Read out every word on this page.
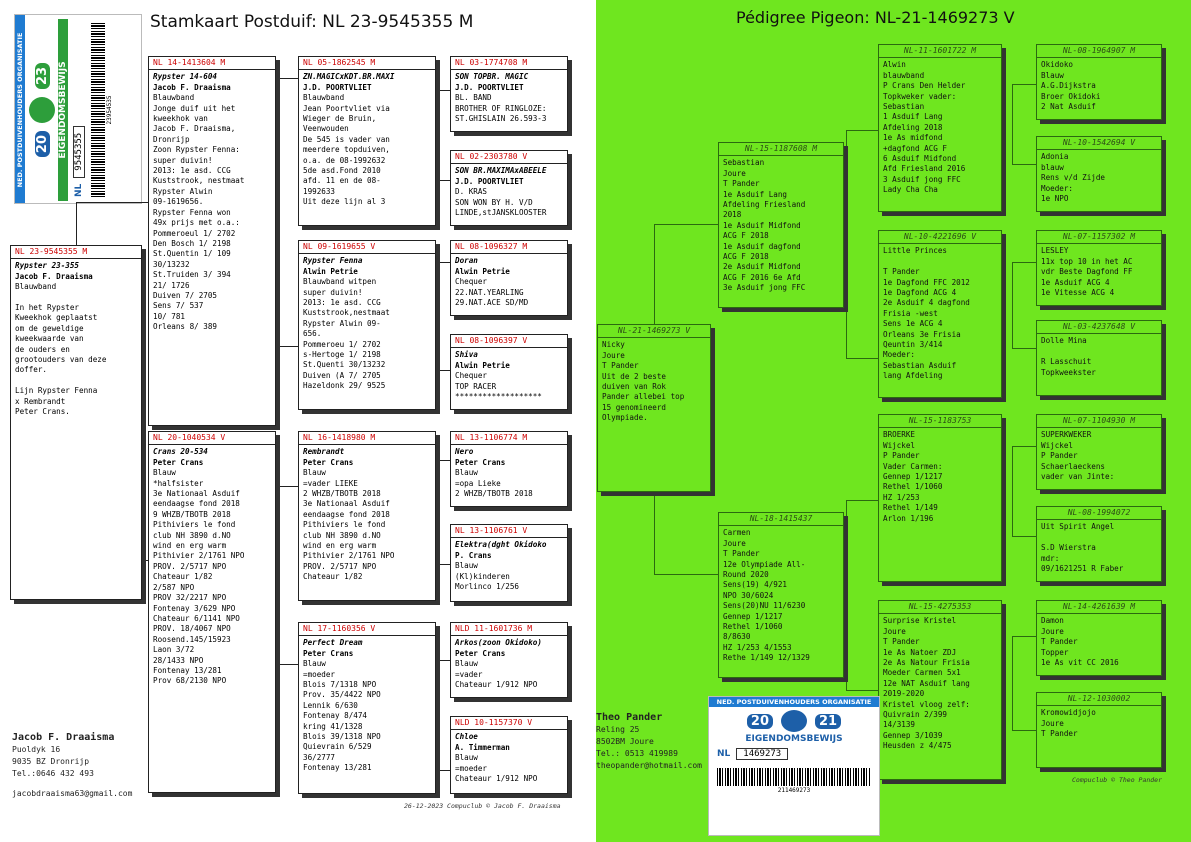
Stamkaart Postduif: NL 23-9545355 M
NED. POSTDUIVENHOUDERS ORGANISATIE 20
23 EIGENDOMSBEWIJS
NL
9545355
23954535
NL 23-9545355 M
Rypster 23-355
Jacob F. Draaisma
Blauwband
In het Rypster
Kweekhok geplaatst
om de geweldige
kweekwaarde van
de ouders en
grootouders van deze
doffer.
Lijn Rypster Fenna
x Rembrandt
Peter Crans.
NL 14-1413604 M
Rypster 14-604
Jacob F. Draaisma
Blauwband
Jonge duif uit het
kweekhok van
Jacob F. Draaisma,
Dronrijp
Zoon Rypster Fenna:
super duivin!
2013: 1e asd. CCG
Kuststrook, nestmaat
Rypster Alwin
09-1619656.
Rypster Fenna won
49x prijs met o.a.:
Pommeroeul 1/ 2702
Den Bosch 1/ 2198
St.Quentin 1/ 109
30/13232
St.Truiden 3/ 394
21/ 1726
Duiven 7/ 2705
Sens 7/ 537
10/ 781
Orleans 8/ 389
NL 20-1040534 V
Crans 20-534
Peter Crans
Blauw
*halfsister
3e Nationaal Asduif
eendaagse fond 2018
9 WHZB/TBOTB 2018
Pithiviers le fond
club NH 3890 d.NO
wind en erg warm
Pithivier 2/1761 NPO
PROV. 2/5717 NPO
Chateaur 1/82
2/587 NPO
PROV 32/2217 NPO
Fontenay 3/629 NPO
Chateaur 6/1141 NPO
PROV. 18/4067 NPO
Roosend.145/15923
Laon 3/72
28/1433 NPO
Fontenay 13/281
Prov 68/2130 NPO
NL 05-1862545 M
ZN.MAGICxKDT.BR.MAXI
J.D. POORTVLIET
Blauwband
Jean Poortvliet via
Wieger de Bruin,
Veenwouden
De 545 is vader van
meerdere topduiven,
o.a. de 08-1992632
5de asd.Fond 2010
afd. 11 en de 08-
1992633
Uit deze lijn al 3
NL 09-1619655 V
Rypster Fenna
Alwin Petrie
Blauwband witpen
super duivin!
2013: 1e asd. CCG
Kuststrook,nestmaat
Rypster Alwin 09-
656.
Pommeroeu 1/ 2702
s-Hertoge 1/ 2198
St.Quenti 30/13232
Duiven (A 7/ 2705
Hazeldonk 29/ 9525
NL 16-1418980 M
Rembrandt
Peter Crans
Blauw
=vader LIEKE
2 WHZB/TBOTB 2018
3e Nationaal Asduif
eendaagse fond 2018
Pithiviers le fond
club NH 3890 d.NO
wind en erg warm
Pithivier 2/1761 NPO
PROV. 2/5717 NPO
Chateaur 1/82
NL 17-1160356 V
Perfect Dream
Peter Crans
Blauw
=moeder
Blois 7/1318 NPO
Prov. 35/4422 NPO
Lennik 6/630
Fontenay 8/474
kring 41/1328
Blois 39/1318 NPO
Quievrain 6/529
36/2777
Fontenay 13/281
NL 03-1774708 M
SON TOPBR. MAGIC
J.D. POORTVLIET
BL. BAND
BROTHER OF RINGLOZE:
ST.GHISLAIN 26.593-3
NL 02-2303780 V
SON BR.MAXIMAxABEELE
J.D. POORTVLIET
D. KRAS
SON WON BY H. V/D
LINDE,stJANSKLOOSTER
NL 08-1096327 M
Doran
Alwin Petrie
Chequer
22.NAT.YEARLING
29.NAT.ACE SD/MD
NL 08-1096397 V
Shiva
Alwin Petrie
Chequer
TOP RACER
*******************
NL 13-1106774 M
Nero
Peter Crans
Blauw
=opa Lieke
2 WHZB/TBOTB 2018
NL 13-1106761 V
Elektra(dght Okidoko
P. Crans
Blauw
(Kl)kinderen
Morlinco 1/256
NLD 11-1601736 M
Arkos(zoon Okidoko)
Peter Crans
Blauw
=vader
Chateaur 1/912 NPO
NLD 10-1157370 V
Chloe
A. Timmerman
Blauw
=moeder
Chateaur 1/912 NPO
Jacob F. Draaisma
Puoldyk 16
9035 BZ Dronrijp
Tel.:0646 432 493
jacobdraaisma63@gmail.com
26-12-2023 Compuclub © Jacob F. Draaisma
Pédigree Pigeon: NL-21-1469273 V
NL-21-1469273 V
Nicky
Joure
T Pander
Uit de 2 beste
duiven van Rok
Pander allebei top
15 genomineerd
Olympiade.
NL-15-1187608 M
Sebastian
Joure
T Pander
1e Asduif Lang
Afdeling Friesland
2018
1e Asduif Midfond
ACG F 2018
1e Asduif dagfond
ACG F 2018
2e Asduif Midfond
ACG F 2016 6e Afd
3e Asduif jong FFC
NL-18-1415437
Carmen
Joure
T Pander
12e Olympiade All-
Round 2020
Sens(19) 4/921
NPO 30/6024
Sens(20)NU 11/6230
Gennep 1/1217
Rethel 1/1060
8/8630
HZ 1/253 4/1553
Rethe 1/149 12/1329
NL-11-1601722 M
Alwin
blauwband
P Crans Den Helder
Topkweker vader:
Sebastian
1 Asduif Lang
Afdeling 2018
1e As midfond
+dagfond ACG F
6 Asduif Midfond
Afd Friesland 2016
3 Asduif jong FFC
Lady Cha Cha
NL-10-4221696 V
Little Princes
T Pander
1e Dagfond FFC 2012
1e Dagfond ACG 4
2e Asduif 4 dagfond
Frisia -west
Sens 1e ACG 4
Orleans 3e Frisia
Qeuntin 3/414
Moeder:
Sebastian Asduif
lang Afdeling
NL-15-1183753
BROERKE
Wijckel
P Pander
Vader Carmen:
Gennep 1/1217
Rethel 1/1060
HZ 1/253
Rethel 1/149
Arlon 1/196
NL-15-4275353
Surprise Kristel
Joure
T Pander
1e As Natoer ZDJ
2e As Natour Frisia
Moeder Carmen 5x1
12e NAT Asduif lang
2019-2020
Kristel vloog zelf:
Quivrain 2/399
14/3139
Gennep 3/1039
Heusden z 4/475
NL-08-1964907 M
Okidoko
Blauw
A.G.Dijkstra
Broer Okidoki
2 Nat Asduif
NL-10-1542694 V
Adonia
blauw
Rens v/d Zijde
Moeder:
1e NPO
NL-07-1157302 M
LESLEY
11x top 10 in het AC
vdr Beste Dagfond FF
1e Asduif ACG 4
1e Vitesse ACG 4
NL-03-4237648 V
Dolle Mina
R Lasschuit
Topkweekster
NL-07-1104930 M
SUPERKWEKER
Wijckel
P Pander
Schaerlaeckens
vader van Jinte:
NL-08-1994072
Uit Spirit Angel
S.D Wierstra
mdr:
09/1621251 R Faber
NL-14-4261639 M
Damon
Joure
T Pander
Topper
1e As vit CC 2016
NL-12-1030002
Kromowidjojo
Joure
T Pander
Theo Pander
Reling 25
8502BM Joure
Tel.: 0513 419989
theopander@hotmail.com
NED. POSTDUIVENHOUDERS ORGANISATIE
20	21
EIGENDOMSBEWIJS
NL	1469273
211469273
Compuclub © Theo Pander
